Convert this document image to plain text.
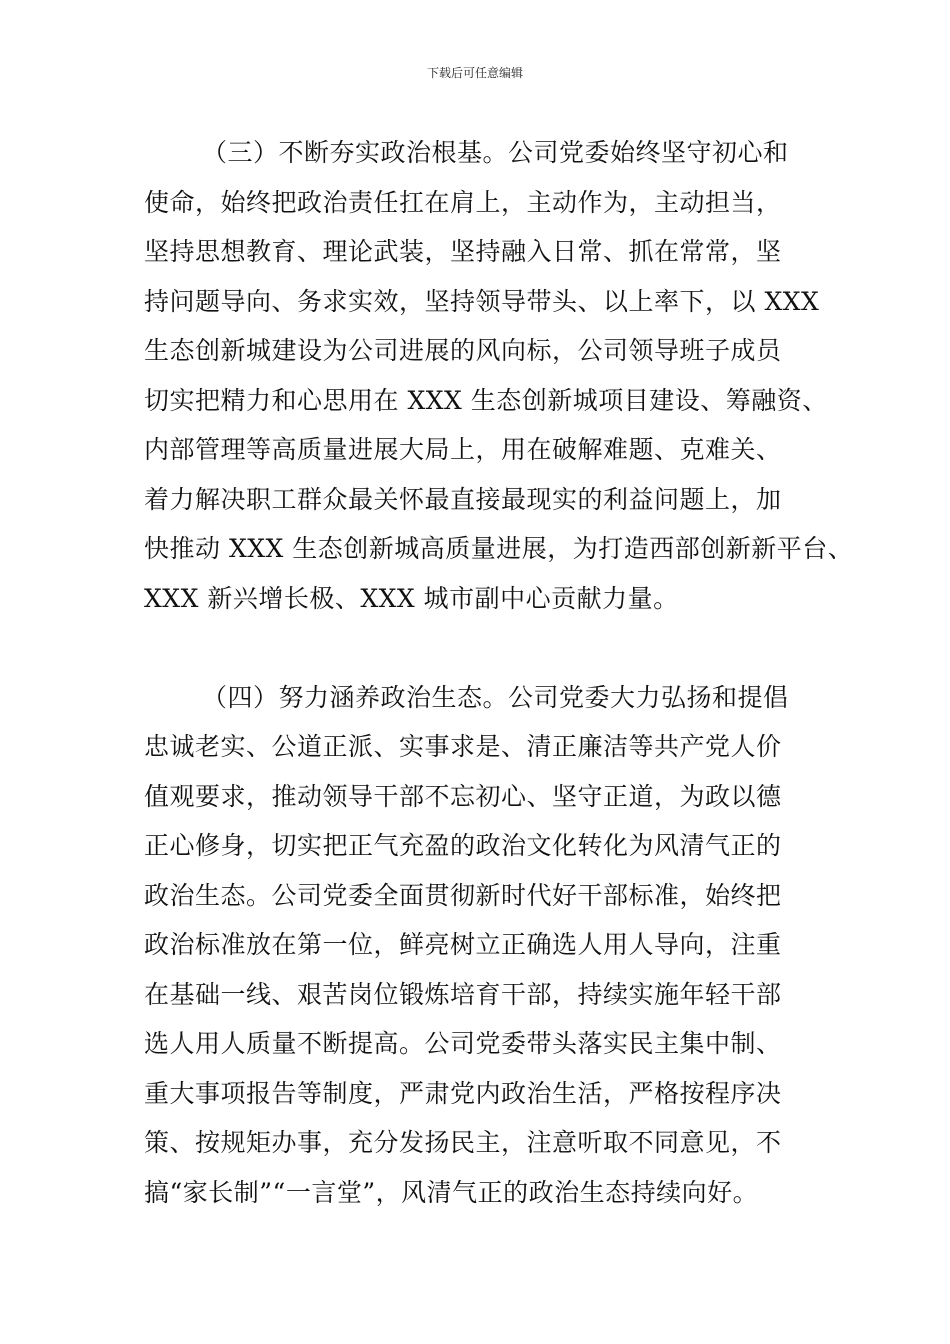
下载后可任意编辑

（三）不断夯实政治根基。公司党委始终坚守初心和
使命，始终把政治责任扛在肩上，主动作为，主动担当，
坚持思想教育、理论武装，坚持融入日常、抓在常常，坚
持问题导向、务求实效，坚持领导带头、以上率下，以 XXX
生态创新城建设为公司进展的风向标，公司领导班子成员
切实把精力和心思用在 XXX 生态创新城项目建设、筹融资、
内部管理等高质量进展大局上，用在破解难题、克难关、
着力解决职工群众最关怀最直接最现实的利益问题上，加
快推动 XXX 生态创新城高质量进展，为打造西部创新新平台、
XXX 新兴增长极、XXX 城市副中心贡献力量。

（四）努力涵养政治生态。公司党委大力弘扬和提倡
忠诚老实、公道正派、实事求是、清正廉洁等共产党人价
值观要求，推动领导干部不忘初心、坚守正道，为政以德
正心修身，切实把正气充盈的政治文化转化为风清气正的
政治生态。公司党委全面贯彻新时代好干部标准，始终把
政治标准放在第一位，鲜亮树立正确选人用人导向，注重
在基础一线、艰苦岗位锻炼培育干部，持续实施年轻干部
选人用人质量不断提高。公司党委带头落实民主集中制、
重大事项报告等制度，严肃党内政治生活，严格按程序决
策、按规矩办事，充分发扬民主，注意听取不同意见，不
搞“家长制”“一言堂”，风清气正的政治生态持续向好。
